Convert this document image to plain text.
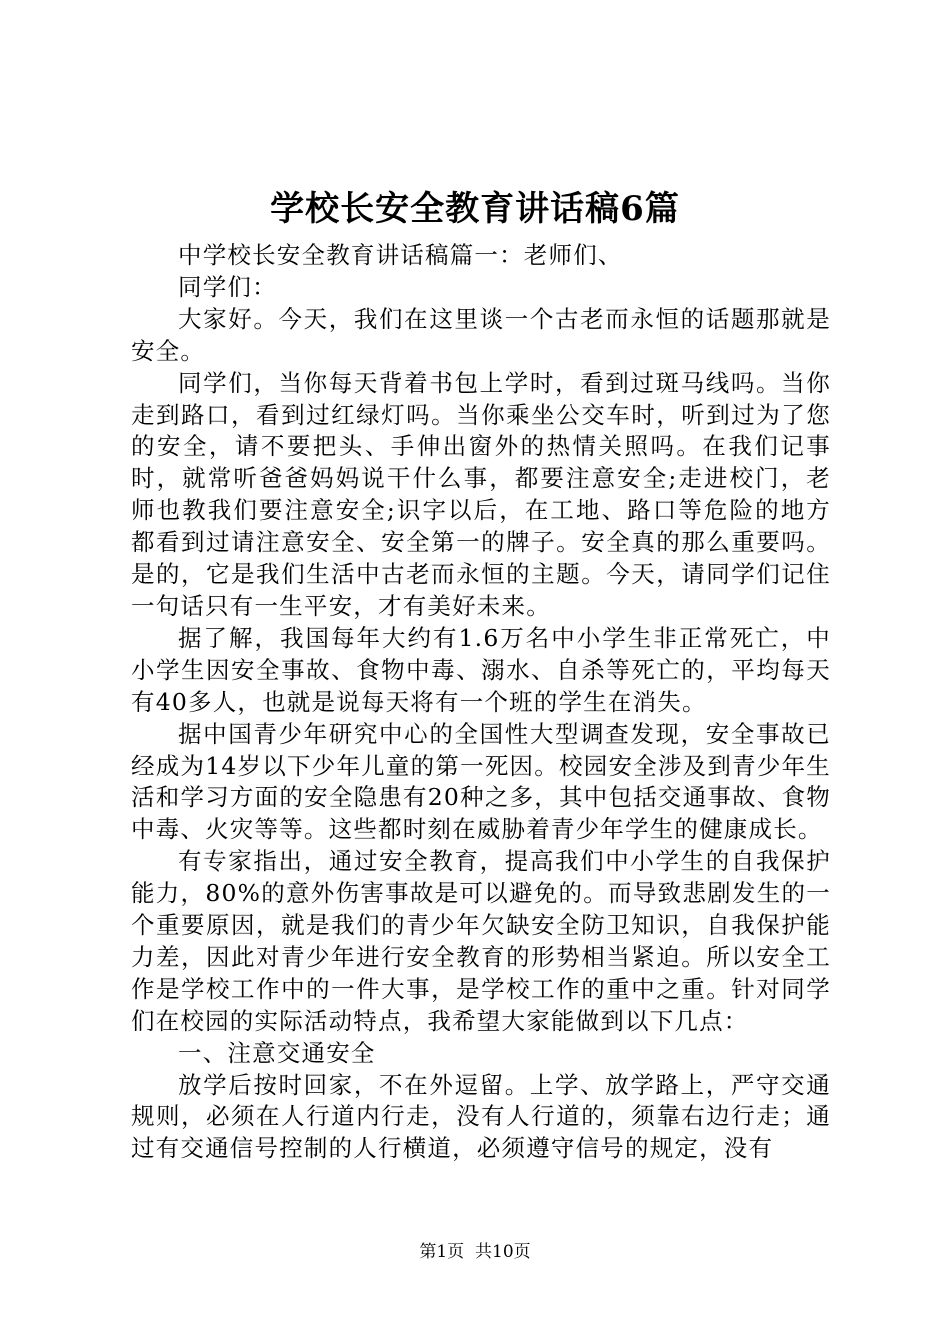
学校长安全教育讲话稿6篇

中学校长安全教育讲话稿篇一：老师们、

同学们：

大家好。今天，我们在这里谈一个古老而永恒的话题那就是安全。

同学们，当你每天背着书包上学时，看到过斑马线吗。当你走到路口，看到过红绿灯吗。当你乘坐公交车时，听到过为了您的安全，请不要把头、手伸出窗外的热情关照吗。在我们记事时，就常听爸爸妈妈说干什么事，都要注意安全;走进校门，老师也教我们要注意安全;识字以后，在工地、路口等危险的地方都看到过请注意安全、安全第一的牌子。安全真的那么重要吗。是的，它是我们生活中古老而永恒的主题。今天，请同学们记住一句话只有一生平安，才有美好未来。

据了解，我国每年大约有1.6万名中小学生非正常死亡，中小学生因安全事故、食物中毒、溺水、自杀等死亡的，平均每天有40多人，也就是说每天将有一个班的学生在消失。

据中国青少年研究中心的全国性大型调查发现，安全事故已经成为14岁以下少年儿童的第一死因。校园安全涉及到青少年生活和学习方面的安全隐患有20种之多，其中包括交通事故、食物中毒、火灾等等。这些都时刻在威胁着青少年学生的健康成长。

有专家指出，通过安全教育，提高我们中小学生的自我保护能力，80%的意外伤害事故是可以避免的。而导致悲剧发生的一个重要原因，就是我们的青少年欠缺安全防卫知识，自我保护能力差，因此对青少年进行安全教育的形势相当紧迫。所以安全工作是学校工作中的一件大事，是学校工作的重中之重。针对同学们在校园的实际活动特点，我希望大家能做到以下几点：

一、注意交通安全

放学后按时回家，不在外逗留。上学、放学路上，严守交通规则，必须在人行道内行走，没有人行道的，须靠右边行走；通过有交通信号控制的人行横道，必须遵守信号的规定，没有

第1页 共10页
